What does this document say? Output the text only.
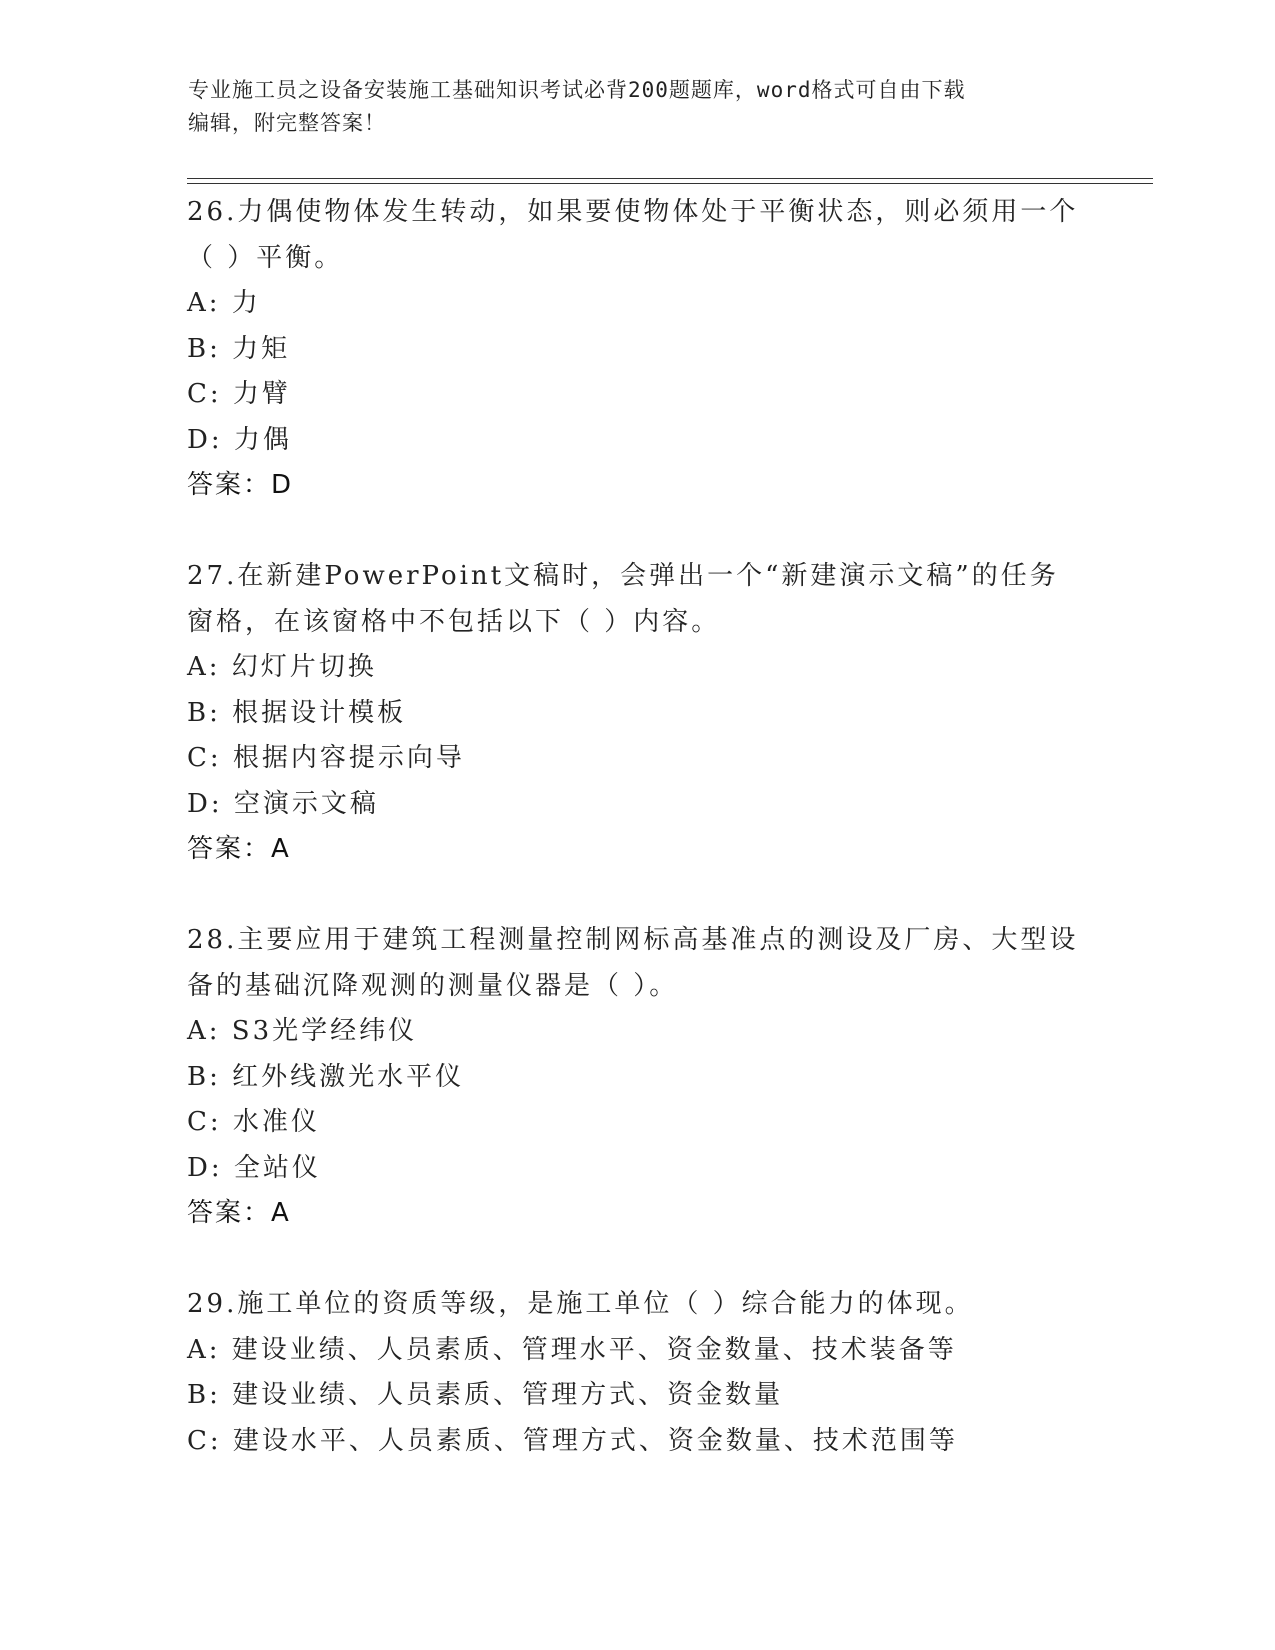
专业施工员之设备安装施工基础知识考试必背200题题库，word格式可自由下载
编辑，附完整答案！
26.力偶使物体发生转动，如果要使物体处于平衡状态，则必须用一个
（ ）平衡。
A: 力
B: 力矩
C: 力臂
D: 力偶
答案：D
27.在新建PowerPoint文稿时，会弹出一个“新建演示文稿”的任务
窗格，在该窗格中不包括以下（ ）内容。
A: 幻灯片切换
B: 根据设计模板
C: 根据内容提示向导
D: 空演示文稿
答案：A
28.主要应用于建筑工程测量控制网标高基准点的测设及厂房、大型设
备的基础沉降观测的测量仪器是（ ）。
A: S3光学经纬仪
B: 红外线激光水平仪
C: 水准仪
D: 全站仪
答案：A
29.施工单位的资质等级，是施工单位（ ）综合能力的体现。
A: 建设业绩、人员素质、管理水平、资金数量、技术装备等
B: 建设业绩、人员素质、管理方式、资金数量
C: 建设水平、人员素质、管理方式、资金数量、技术范围等
